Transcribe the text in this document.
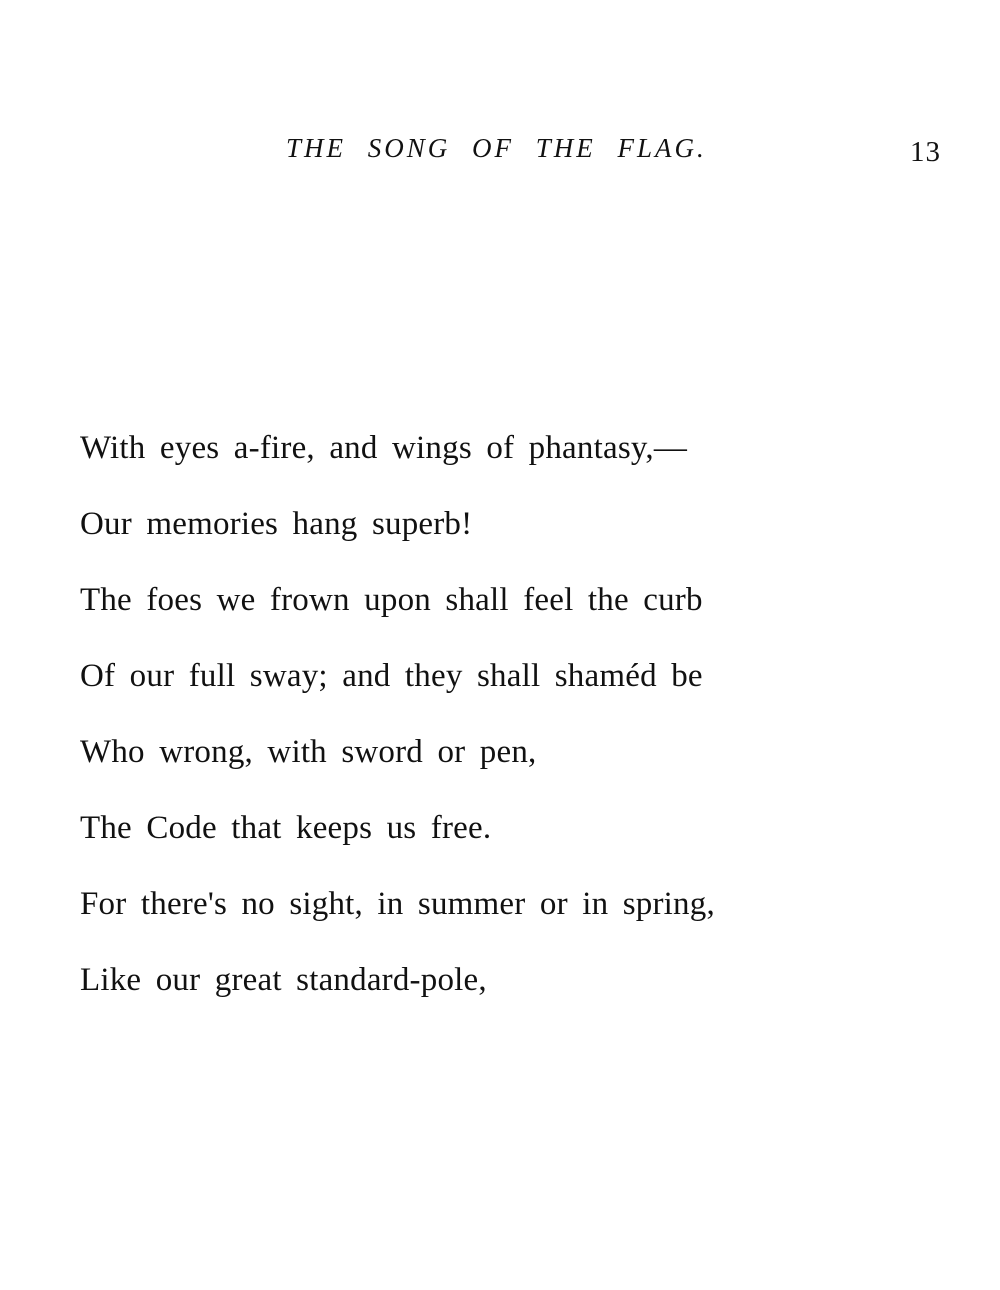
THE SONG OF THE FLAG.	13
With eyes a-fire, and wings of phantasy,—
Our memories hang superb!
The foes we frown upon shall feel the curb
Of our full sway; and they shall shaméd be
Who wrong, with sword or pen,
The Code that keeps us free.
For there's no sight, in summer or in spring,
Like our great standard-pole,
